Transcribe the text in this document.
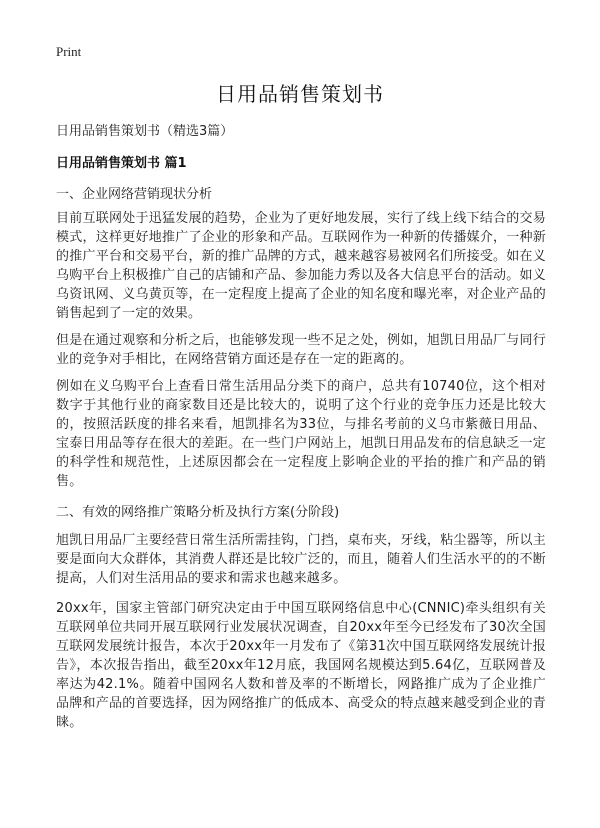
Print
日用品销售策划书
日用品销售策划书（精选3篇）
日用品销售策划书 篇1
一、企业网络营销现状分析
目前互联网处于迅猛发展的趋势，企业为了更好地发展，实行了线上线下结合的交易模式，这样更好地推广了企业的形象和产品。互联网作为一种新的传播媒介，一种新的推广平台和交易平台，新的推广品牌的方式，越来越容易被网名们所接受。如在义乌购平台上积极推广自己的店铺和产品、参加能力秀以及各大信息平台的活动。如义乌资讯网、义乌黄页等，在一定程度上提高了企业的知名度和曝光率，对企业产品的销售起到了一定的效果。
但是在通过观察和分析之后，也能够发现一些不足之处，例如，旭凯日用品厂与同行业的竞争对手相比，在网络营销方面还是存在一定的距离的。
例如在义乌购平台上查看日常生活用品分类下的商户，总共有10740位，这个相对数字于其他行业的商家数目还是比较大的，说明了这个行业的竞争压力还是比较大的，按照活跃度的排名来看，旭凯排名为33位，与排名考前的义乌市紫薇日用品、宝泰日用品等存在很大的差距。在一些门户网站上，旭凯日用品发布的信息缺乏一定的科学性和规范性，上述原因都会在一定程度上影响企业的平抬的推广和产品的销售。
二、有效的网络推广策略分析及执行方案(分阶段)
旭凯日用品厂主要经营日常生活所需挂钩，门挡，桌布夹，牙线，粘尘器等，所以主要是面向大众群体，其消费人群还是比较广泛的，而且，随着人们生活水平的的不断提高，人们对生活用品的要求和需求也越来越多。
20xx年，国家主管部门研究决定由于中国互联网络信息中心(CNNIC)牵头组织有关互联网单位共同开展互联网行业发展状况调查，自20xx年至今已经发布了30次全国互联网发展统计报告，本次于20xx年一月发布了《第31次中国互联网络发展统计报告》，本次报告指出，截至20xx年12月底，我国网名规模达到5.64亿，互联网普及率达为42.1%。随着中国网名人数和普及率的不断增长，网路推广成为了企业推广品牌和产品的首要选择，因为网络推广的低成本、高受众的特点越来越受到企业的青睐。
